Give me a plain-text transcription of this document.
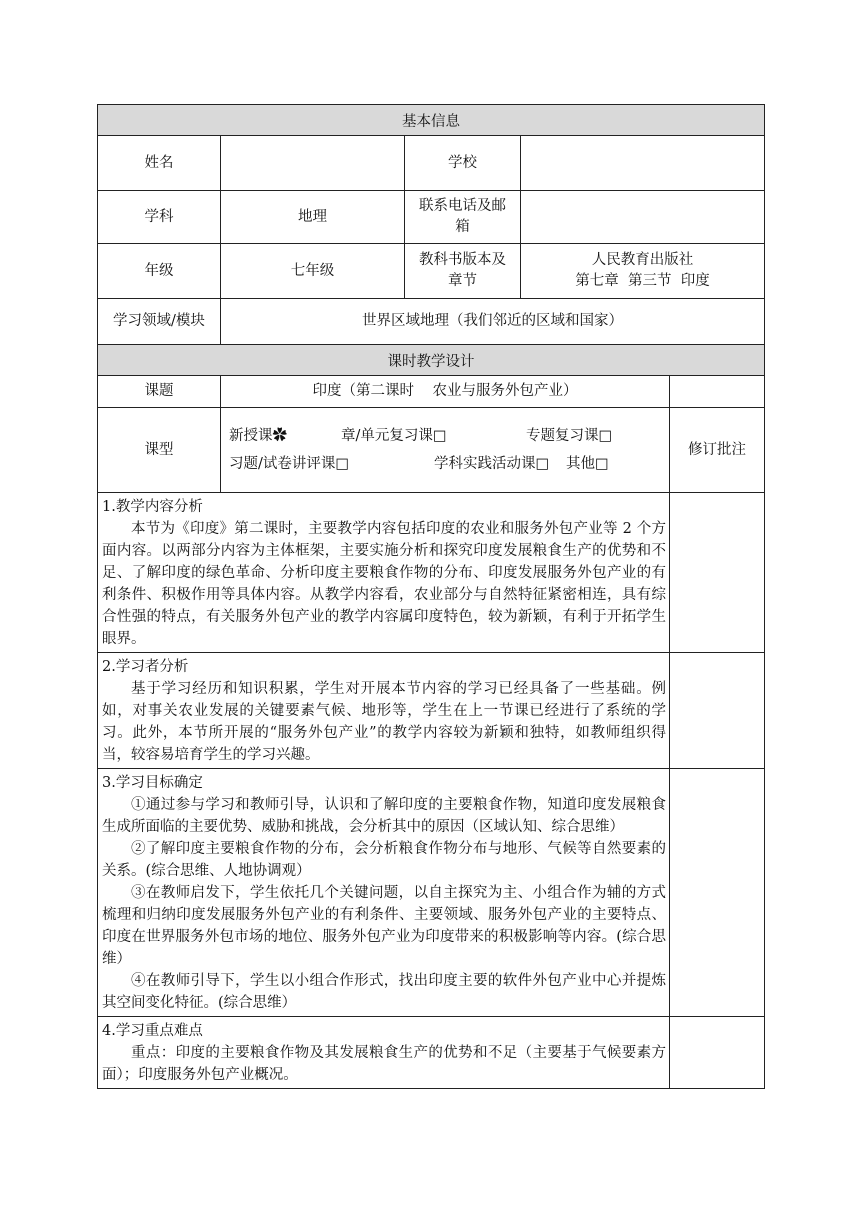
基本信息				
姓名		学校		
学科	地理	联系电话及邮箱		
年级	七年级	教科书版本及章节	人民教育出版社
第七章  第三节  印度	

学习领域/模块	世界区域地理（我们邻近的区域和国家）			
课时教学设计				
课题	印度（第二课时    农业与服务外包产业）			
课型	新授课✿ 章/单元复习课□ 专题复习课□
习题/试卷讲评课□ 学科实践活动课□ 其他□			修订批注

1.教学内容分析
本节为《印度》第二课时，主要教学内容包括印度的农业和服务外包产业等 2 个方面内容。以两部分内容为主体框架，主要实施分析和探究印度发展粮食生产的优势和不足、了解印度的绿色革命、分析印度主要粮食作物的分布、印度发展服务外包产业的有利条件、积极作用等具体内容。从教学内容看，农业部分与自然特征紧密相连，具有综合性强的特点，有关服务外包产业的教学内容属印度特色，较为新颖，有利于开拓学生眼界。				

2.学习者分析
基于学习经历和知识积累，学生对开展本节内容的学习已经具备了一些基础。例如，对事关农业发展的关键要素气候、地形等，学生在上一节课已经进行了系统的学习。此外，本节所开展的“服务外包产业”的教学内容较为新颖和独特，如教师组织得当，较容易培育学生的学习兴趣。				

3.学习目标确定
①通过参与学习和教师引导，认识和了解印度的主要粮食作物，知道印度发展粮食生成所面临的主要优势、威胁和挑战，会分析其中的原因（区域认知、综合思维）
②了解印度主要粮食作物的分布，会分析粮食作物分布与地形、气候等自然要素的关系。(综合思维、人地协调观）
③在教师启发下，学生依托几个关键问题，以自主探究为主、小组合作为辅的方式梳理和归纳印度发展服务外包产业的有利条件、主要领域、服务外包产业的主要特点、印度在世界服务外包市场的地位、服务外包产业为印度带来的积极影响等内容。(综合思维）
④在教师引导下，学生以小组合作形式，找出印度主要的软件外包产业中心并提炼其空间变化特征。(综合思维）				

4.学习重点难点
重点：印度的主要粮食作物及其发展粮食生产的优势和不足（主要基于气候要素方面）；印度服务外包产业概况。				
